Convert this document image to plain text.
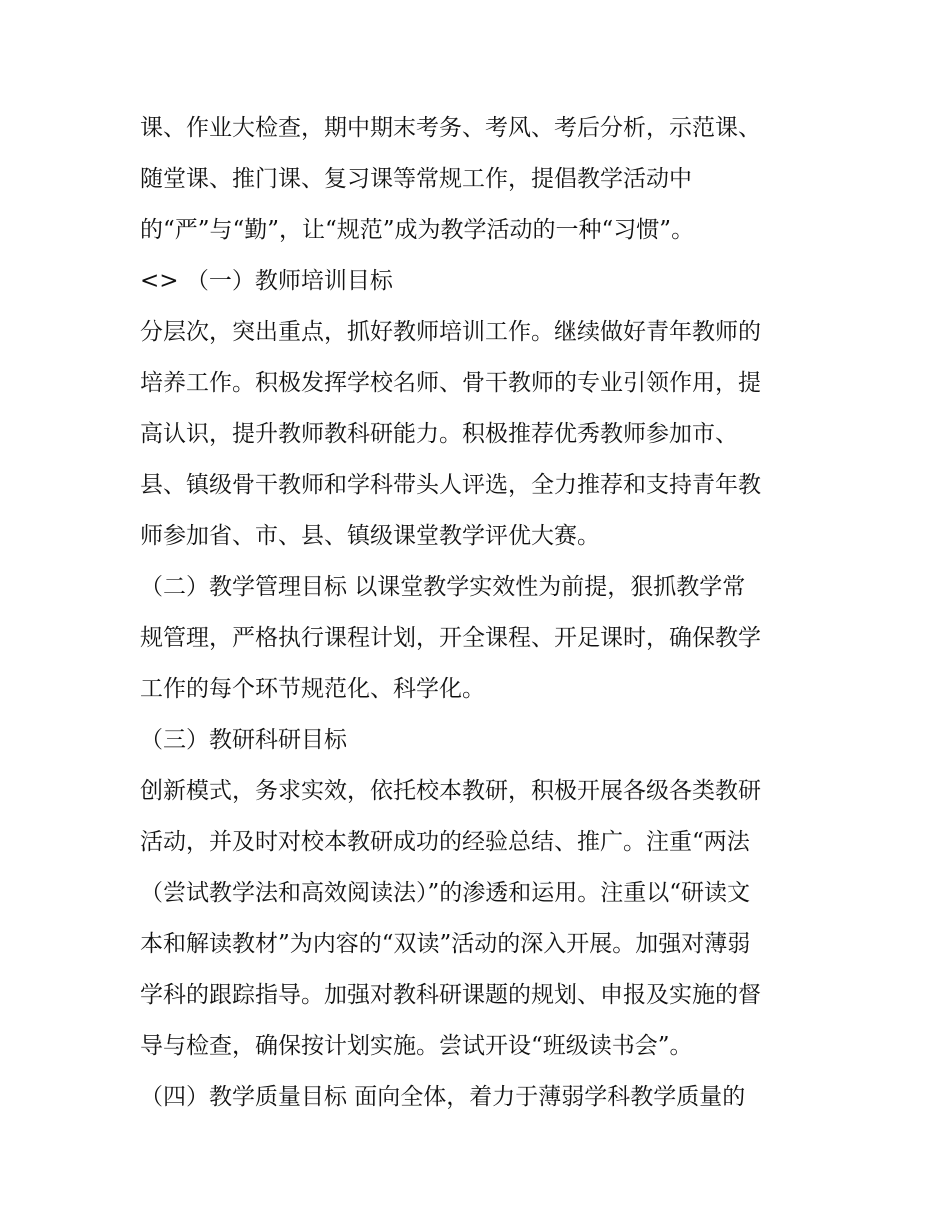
课、作业大检查，期中期末考务、考风、考后分析，示范课、
随堂课、推门课、复习课等常规工作，提倡教学活动中
的“严”与“勤”，让“规范”成为教学活动的一种“习惯”。
<> （一）教师培训目标
分层次，突出重点，抓好教师培训工作。继续做好青年教师的
培养工作。积极发挥学校名师、骨干教师的专业引领作用，提
高认识，提升教师教科研能力。积极推荐优秀教师参加市、
县、镇级骨干教师和学科带头人评选，全力推荐和支持青年教
师参加省、市、县、镇级课堂教学评优大赛。
（二）教学管理目标 以课堂教学实效性为前提，狠抓教学常
规管理，严格执行课程计划，开全课程、开足课时，确保教学
工作的每个环节规范化、科学化。
（三）教研科研目标
创新模式，务求实效，依托校本教研，积极开展各级各类教研
活动，并及时对校本教研成功的经验总结、推广。注重“两法
（尝试教学法和高效阅读法）”的渗透和运用。注重以“研读文
本和解读教材”为内容的“双读”活动的深入开展。加强对薄弱
学科的跟踪指导。加强对教科研课题的规划、申报及实施的督
导与检查，确保按计划实施。尝试开设“班级读书会”。
（四）教学质量目标 面向全体，着力于薄弱学科教学质量的
